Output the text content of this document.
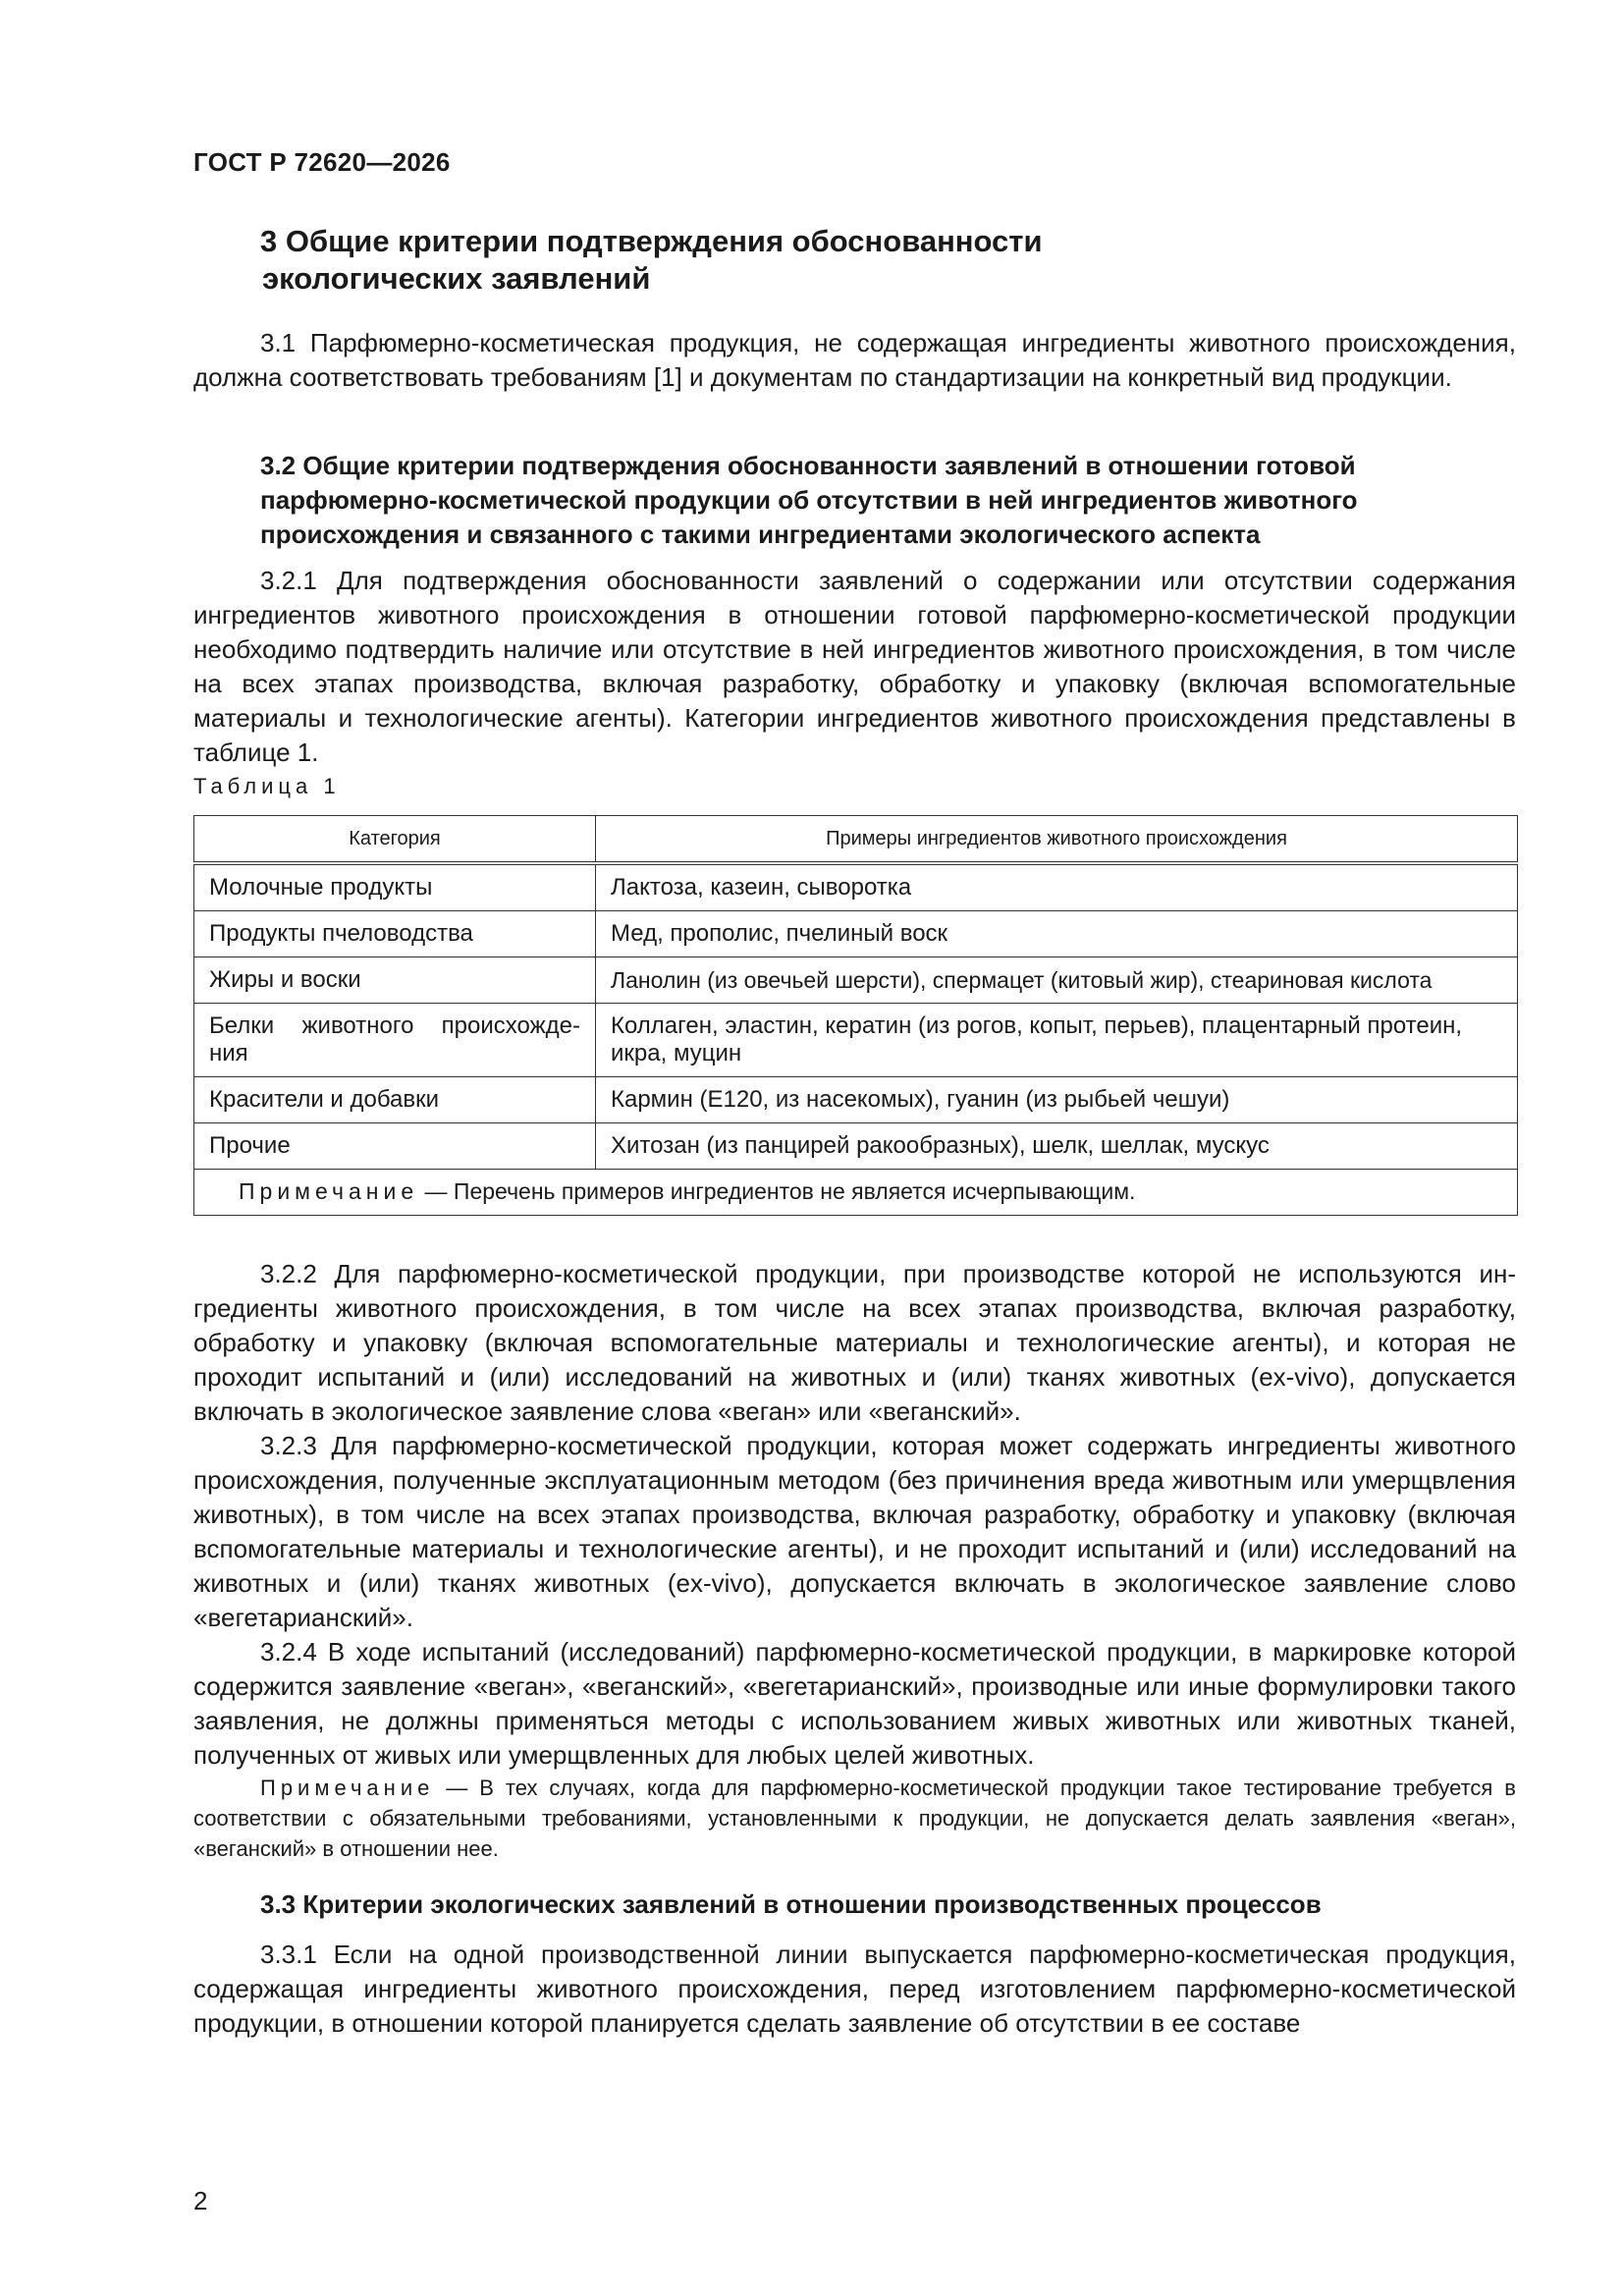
ГОСТ Р 72620—2026
3 Общие критерии подтверждения обоснованности
экологических заявлений

3.1 Парфюмерно-косметическая продукция, не содержащая ингредиенты животного происхождения, должна соответствовать требованиям [1] и документам по стандартизации на конкретный вид продукции.

3.2 Общие критерии подтверждения обоснованности заявлений в отношении готовой парфюмерно-косметической продукции об отсутствии в ней ингредиентов животного происхождения и связанного с такими ингредиентами экологического аспекта

3.2.1 Для подтверждения обоснованности заявлений о содержании или отсутствии содержания ингредиентов животного происхождения в отношении готовой парфюмерно-косметической продукции необходимо подтвердить наличие или отсутствие в ней ингредиентов животного происхождения, в том числе на всех этапах производства, включая разработку, обработку и упаковку (включая вспомогательные материалы и технологические агенты). Категории ингредиентов животного происхождения представлены в таблице 1.

Таблица 1
Категория	Примеры ингредиентов животного происхождения
Молочные продукты	Лактоза, казеин, сыворотка
Продукты пчеловодства	Мед, прополис, пчелиный воск
Жиры и воски	Ланолин (из овечьей шерсти), спермацет (китовый жир), стеариновая кислота
Белки животного происхождения	Коллаген, эластин, кератин (из рогов, копыт, перьев), плацентарный протеин, икра, муцин
Красители и добавки	Кармин (Е120, из насекомых), гуанин (из рыбьей чешуи)
Прочие	Хитозан (из панцирей ракообразных), шелк, шеллак, мускус
Примечание — Перечень примеров ингредиентов не является исчерпывающим.	

3.2.2 Для парфюмерно-косметической продукции, при производстве которой не используются ингредиенты животного происхождения, в том числе на всех этапах производства, включая разработку, обработку и упаковку (включая вспомогательные материалы и технологические агенты), и которая не проходит испытаний и (или) исследований на животных и (или) тканях животных (ex-vivo), допускается включать в экологическое заявление слова «веган» или «веганский».

3.2.3 Для парфюмерно-косметической продукции, которая может содержать ингредиенты животного происхождения, полученные эксплуатационным методом (без причинения вреда животным или умерщвления животных), в том числе на всех этапах производства, включая разработку, обработку и упаковку (включая вспомогательные материалы и технологические агенты), и не проходит испытаний и (или) исследований на животных и (или) тканях животных (ex-vivo), допускается включать в экологическое заявление слово «вегетарианский».

3.2.4 В ходе испытаний (исследований) парфюмерно-косметической продукции, в маркировке которой содержится заявление «веган», «веганский», «вегетарианский», производные или иные формулировки такого заявления, не должны применяться методы с использованием живых животных или животных тканей, полученных от живых или умерщвленных для любых целей животных.

Примечание — В тех случаях, когда для парфюмерно-косметической продукции такое тестирование требуется в соответствии с обязательными требованиями, установленными к продукции, не допускается делать заявления «веган», «веганский» в отношении нее.

3.3 Критерии экологических заявлений в отношении производственных процессов

3.3.1 Если на одной производственной линии выпускается парфюмерно-косметическая продукция, содержащая ингредиенты животного происхождения, перед изготовлением парфюмерно-косметической продукции, в отношении которой планируется сделать заявление об отсутствии в ее составе

2
